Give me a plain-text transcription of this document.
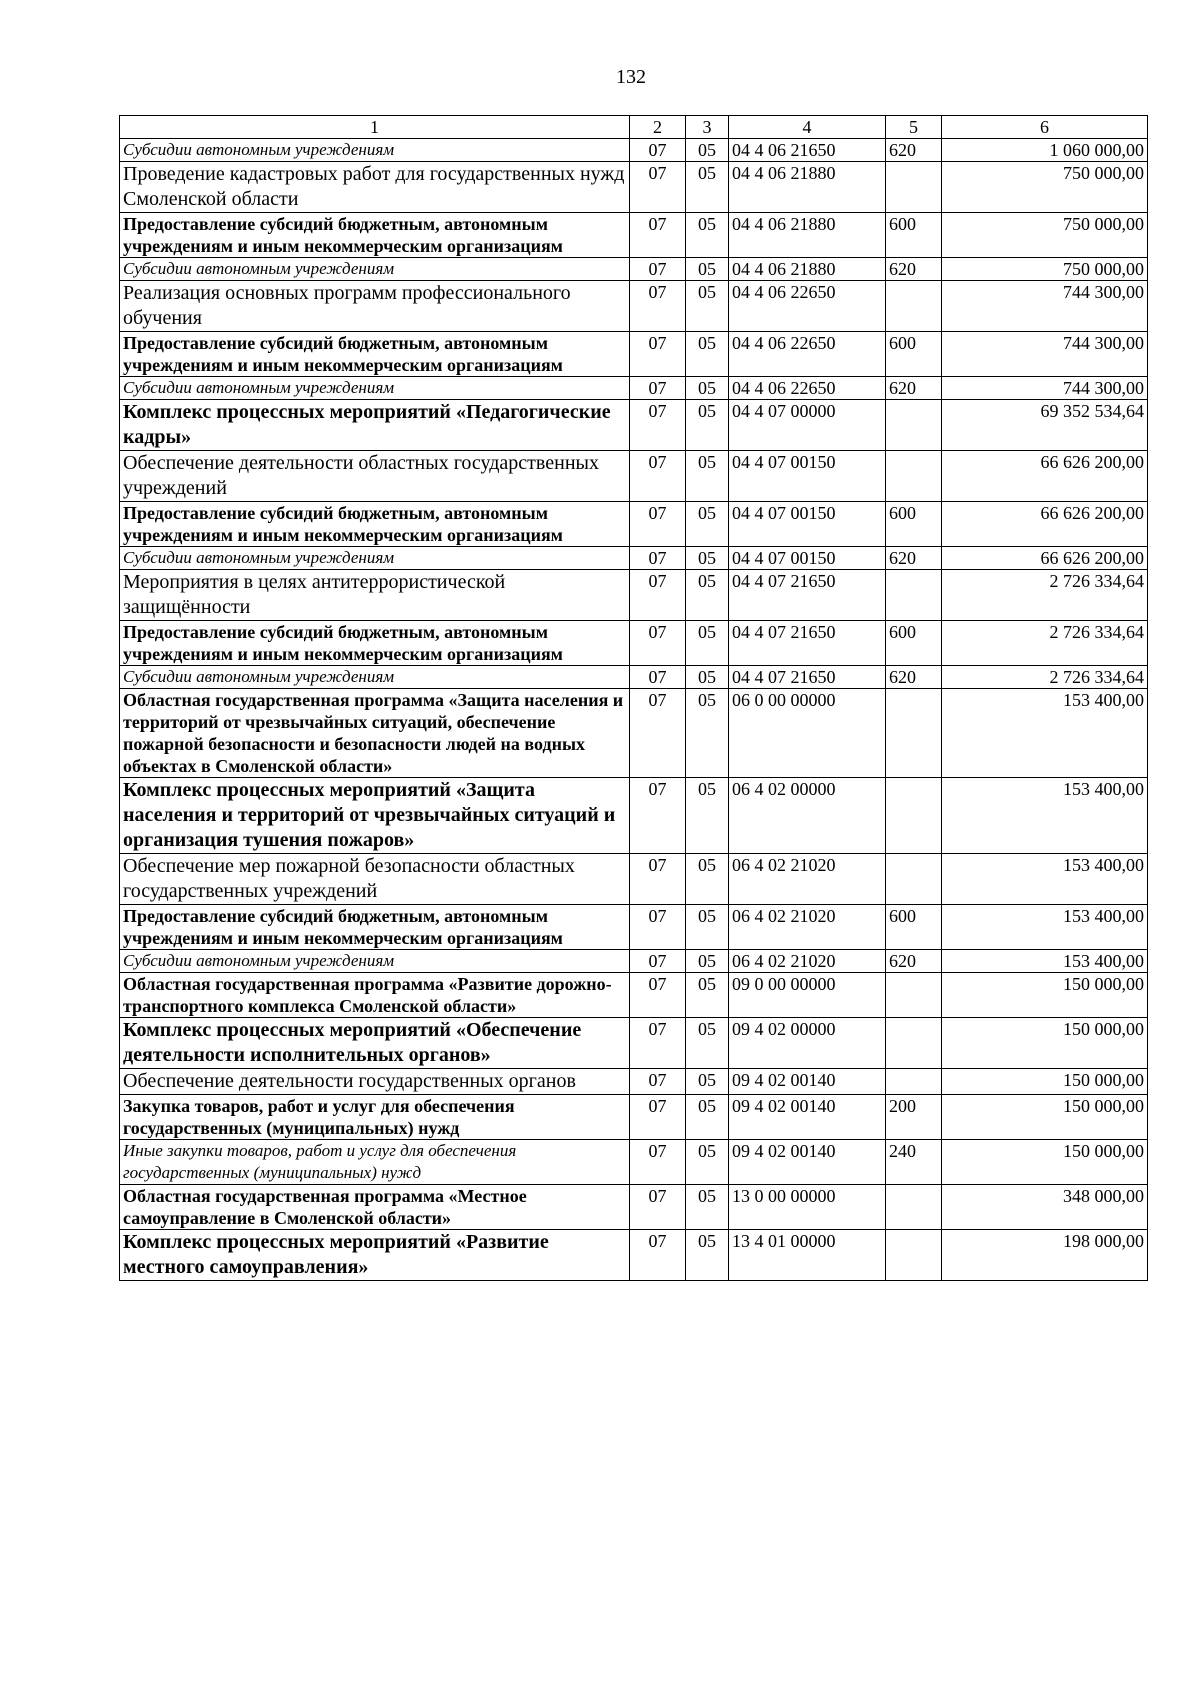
132
1	2	3	4	5	6
Субсидии автономным учреждениям	07	05	04 4 06 21650	620	1 060 000,00
Проведение кадастровых работ для государственных нужд Смоленской области	07	05	04 4 06 21880		750 000,00
Предоставление субсидий бюджетным, автономным учреждениям и иным некоммерческим организациям	07	05	04 4 06 21880	600	750 000,00
Субсидии автономным учреждениям	07	05	04 4 06 21880	620	750 000,00
Реализация основных программ профессионального обучения	07	05	04 4 06 22650		744 300,00
Предоставление субсидий бюджетным, автономным учреждениям и иным некоммерческим организациям	07	05	04 4 06 22650	600	744 300,00
Субсидии автономным учреждениям	07	05	04 4 06 22650	620	744 300,00
Комплекс процессных мероприятий «Педагогические кадры»	07	05	04 4 07 00000		69 352 534,64
Обеспечение деятельности областных государственных учреждений	07	05	04 4 07 00150		66 626 200,00
Предоставление субсидий бюджетным, автономным учреждениям и иным некоммерческим организациям	07	05	04 4 07 00150	600	66 626 200,00
Субсидии автономным учреждениям	07	05	04 4 07 00150	620	66 626 200,00
Мероприятия в целях антитеррористической защищённости	07	05	04 4 07 21650		2 726 334,64
Предоставление субсидий бюджетным, автономным учреждениям и иным некоммерческим организациям	07	05	04 4 07 21650	600	2 726 334,64
Субсидии автономным учреждениям	07	05	04 4 07 21650	620	2 726 334,64
Областная государственная программа «Защита населения и территорий от чрезвычайных ситуаций, обеспечение пожарной безопасности и безопасности людей на водных объектах в Смоленской области»	07	05	06 0 00 00000		153 400,00
Комплекс процессных мероприятий «Защита населения и территорий от чрезвычайных ситуаций и организация тушения пожаров»	07	05	06 4 02 00000		153 400,00
Обеспечение мер пожарной безопасности областных государственных учреждений	07	05	06 4 02 21020		153 400,00
Предоставление субсидий бюджетным, автономным учреждениям и иным некоммерческим организациям	07	05	06 4 02 21020	600	153 400,00
Субсидии автономным учреждениям	07	05	06 4 02 21020	620	153 400,00
Областная государственная программа «Развитие дорожно-транспортного комплекса Смоленской области»	07	05	09 0 00 00000		150 000,00
Комплекс процессных мероприятий «Обеспечение деятельности исполнительных органов»	07	05	09 4 02 00000		150 000,00
Обеспечение деятельности государственных органов	07	05	09 4 02 00140		150 000,00
Закупка товаров, работ и услуг для обеспечения государственных (муниципальных) нужд	07	05	09 4 02 00140	200	150 000,00
Иные закупки товаров, работ и услуг для обеспечения государственных (муниципальных) нужд	07	05	09 4 02 00140	240	150 000,00
Областная государственная программа «Местное самоуправление в Смоленской области»	07	05	13 0 00 00000		348 000,00
Комплекс процессных мероприятий «Развитие местного самоуправления»	07	05	13 4 01 00000		198 000,00
